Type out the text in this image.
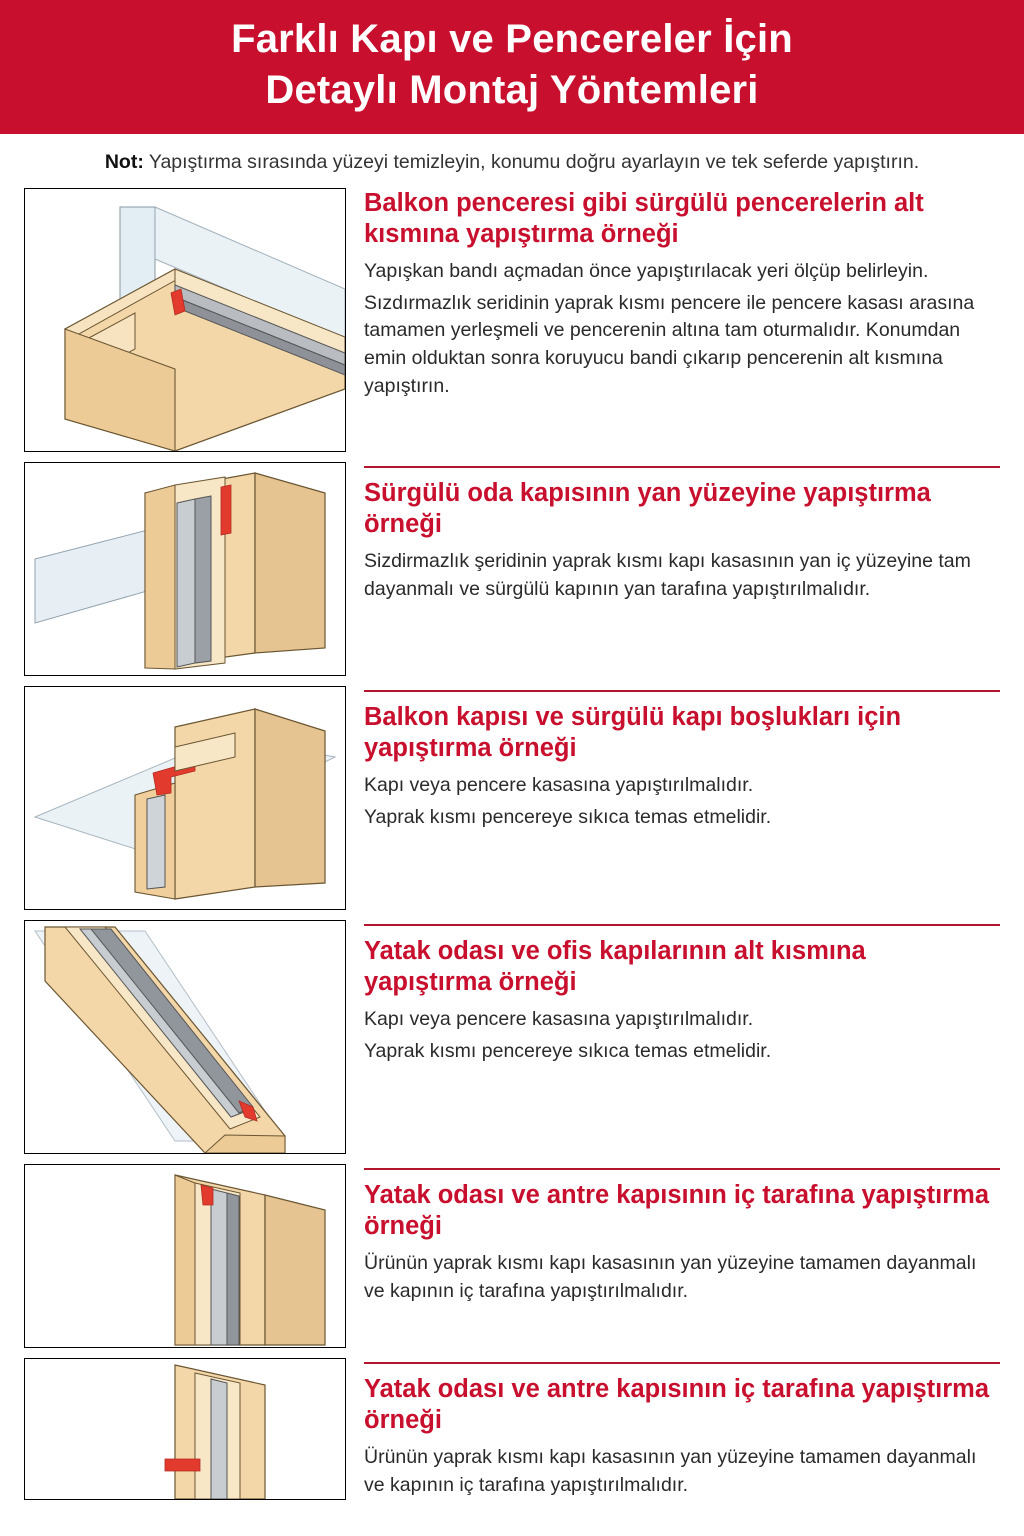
Farklı Kapı ve Pencereler İçin
Detaylı Montaj Yöntemleri
Not: Yapıştırma sırasında yüzeyi temizleyin, konumu doğru ayarlayın ve tek seferde yapıştırın.
Balkon penceresi gibi sürgülü pencerelerin alt kısmına yapıştırma örneği

Yapışkan bandı açmadan önce yapıştırılacak yeri ölçüp belirleyin.

Sızdırmazlık seridinin yaprak kısmı pencere ile pencere kasası arasına tamamen yerleşmeli ve pencerenin altına tam oturmalıdır. Konumdan emin olduktan sonra koruyucu bandi çıkarıp pencerenin alt kısmına yapıştırın.

Sürgülü oda kapısının yan yüzeyine yapıştırma örneği

Sizdirmazlık şeridinin yaprak kısmı kapı kasasının yan iç yüzeyine tam dayanmalı ve sürgülü kapının yan tarafına yapıştırılmalıdır.

Balkon kapısı ve sürgülü kapı boşlukları için yapıştırma örneği

Kapı veya pencere kasasına yapıştırılmalıdır.

Yaprak kısmı pencereye sıkıca temas etmelidir.

Yatak odası ve ofis kapılarının alt kısmına yapıştırma örneği

Kapı veya pencere kasasına yapıştırılmalıdır.

Yaprak kısmı pencereye sıkıca temas etmelidir.

Yatak odası ve antre kapısının iç tarafına yapıştırma örneği

Ürünün yaprak kısmı kapı kasasının yan yüzeyine tamamen dayanmalı ve kapının iç tarafına yapıştırılmalıdır.

Yatak odası ve antre kapısının iç tarafına yapıştırma örneği

Ürünün yaprak kısmı kapı kasasının yan yüzeyine tamamen dayanmalı ve kapının iç tarafına yapıştırılmalıdır.
